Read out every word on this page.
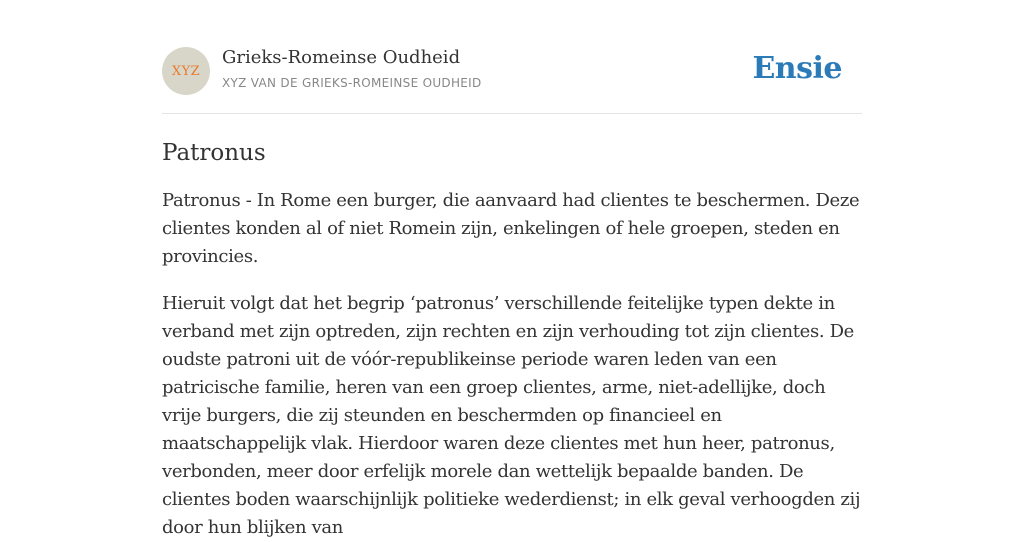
XYZ
Grieks-Romeinse Oudheid
XYZ VAN DE GRIEKS-ROMEINSE OUDHEID	Ensie
Patronus

Patronus - In Rome een burger, die aanvaard had clientes te beschermen. Deze clientes konden al of niet Romein zijn, enkelingen of hele groepen, steden en provincies.

Hieruit volgt dat het begrip ‘patronus’ verschillende feitelijke typen dekte in verband met zijn optreden, zijn rechten en zijn verhouding tot zijn clientes. De oudste patroni uit de vóór-republikeinse periode waren leden van een patricische familie, heren van een groep clientes, arme, niet-adellijke, doch vrije burgers, die zij steunden en beschermden op financieel en maatschappelijk vlak. Hierdoor waren deze clientes met hun heer, patronus, verbonden, meer door erfelijk morele dan wettelijk bepaalde banden. De clientes boden waarschijnlijk politieke wederdienst; in elk geval verhoogden zij door hun blijken van
